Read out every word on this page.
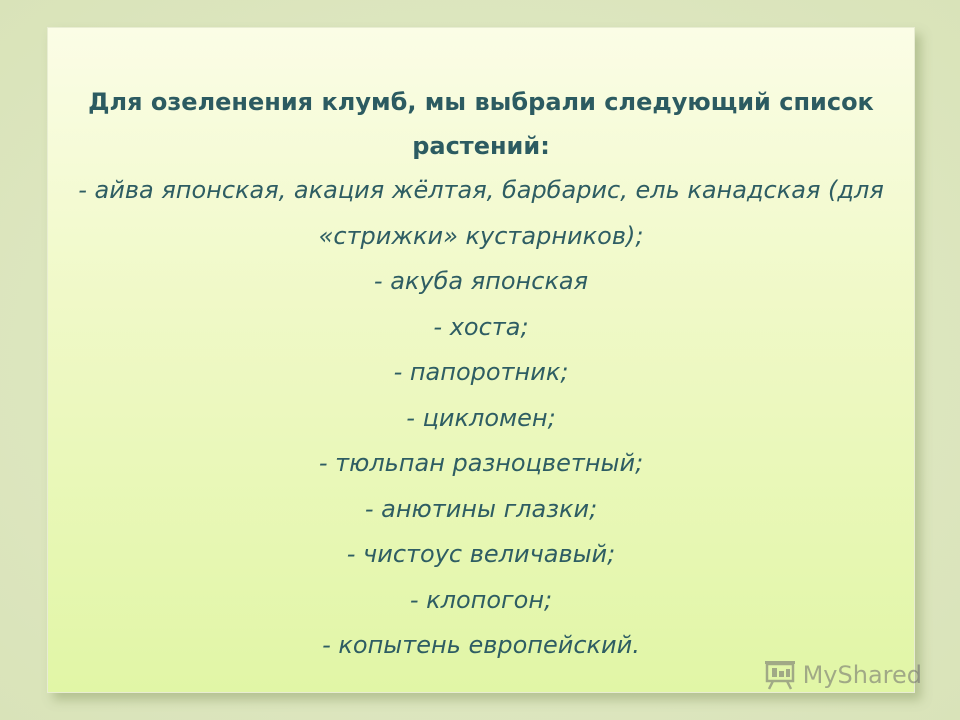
Для озеленения клумб, мы выбрали следующий список растений:

- айва японская, акация жёлтая, барбарис, ель канадская (для «стрижки» кустарников);
- акуба японская
- хоста;
- папоротник;
- цикломен;
- тюльпан разноцветный;
- анютины глазки;
- чистоус величавый;
- клопогон;
- копытень европейский.
MyShared
